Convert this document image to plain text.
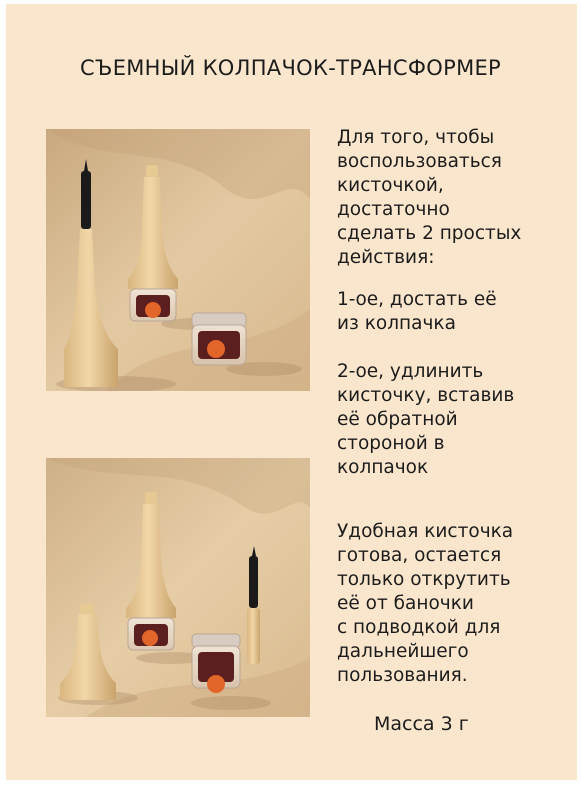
СЪЕМНЫЙ КОЛПАЧОК-ТРАНСФОРМЕР
Для того, чтобы
воспользоваться
кисточкой,
достаточно
сделать 2 простых
действия:
1-ое, достать её
из колпачка
2-ое, удлинить
кисточку, вставив
её обратной
стороной в
колпачок
Удобная кисточка
готова, остается
только открутить
её от баночки
с подводкой для
дальнейшего
пользования.
Масса 3 г
